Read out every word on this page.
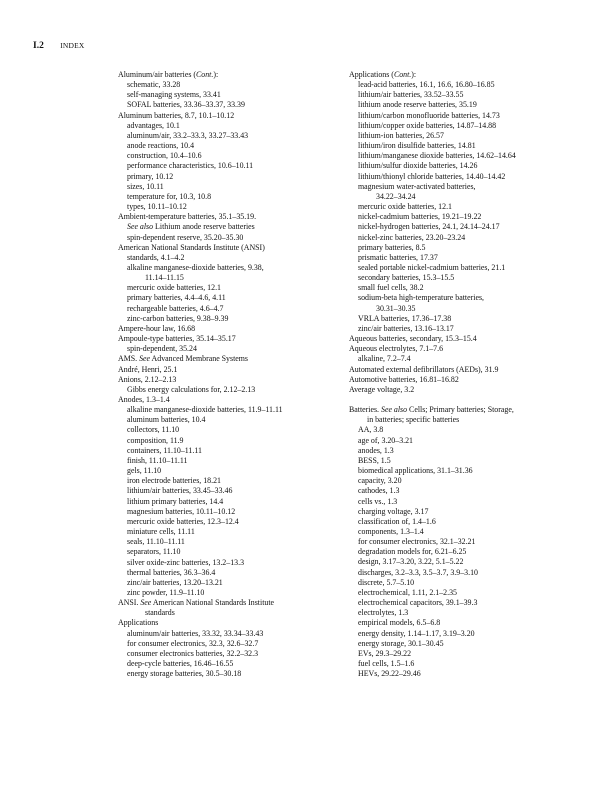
I.2 INDEX
Aluminum/air batteries (Cont.):
schematic, 33.28
self-managing systems, 33.41
SOFAL batteries, 33.36–33.37, 33.39
Aluminum batteries, 8.7, 10.1–10.12
advantages, 10.1
aluminum/air, 33.2–33.3, 33.27–33.43
anode reactions, 10.4
construction, 10.4–10.6
performance characteristics, 10.6–10.11
primary, 10.12
sizes, 10.11
temperature for, 10.3, 10.8
types, 10.11–10.12
Ambient-temperature batteries, 35.1–35.19.
See also Lithium anode reserve batteries
spin-dependent reserve, 35.20–35.30
American National Standards Institute (ANSI)
standards, 4.1–4.2
alkaline manganese-dioxide batteries, 9.38,
11.14–11.15
mercuric oxide batteries, 12.1
primary batteries, 4.4–4.6, 4.11
rechargeable batteries, 4.6–4.7
zinc-carbon batteries, 9.38–9.39
Ampere-hour law, 16.68
Ampoule-type batteries, 35.14–35.17
spin-dependent, 35.24
AMS. See Advanced Membrane Systems
André, Henri, 25.1
Anions, 2.12–2.13
Gibbs energy calculations for, 2.12–2.13
Anodes, 1.3–1.4
alkaline manganese-dioxide batteries, 11.9–11.11
aluminum batteries, 10.4
collectors, 11.10
composition, 11.9
containers, 11.10–11.11
finish, 11.10–11.11
gels, 11.10
iron electrode batteries, 18.21
lithium/air batteries, 33.45–33.46
lithium primary batteries, 14.4
magnesium batteries, 10.11–10.12
mercuric oxide batteries, 12.3–12.4
miniature cells, 11.11
seals, 11.10–11.11
separators, 11.10
silver oxide-zinc batteries, 13.2–13.3
thermal batteries, 36.3–36.4
zinc/air batteries, 13.20–13.21
zinc powder, 11.9–11.10
ANSI. See American National Standards Institute
standards
Applications
aluminum/air batteries, 33.32, 33.34–33.43
for consumer electronics, 32.3, 32.6–32.7
consumer electronics batteries, 32.2–32.3
deep-cycle batteries, 16.46–16.55
energy storage batteries, 30.5–30.18
Applications (Cont.):
lead-acid batteries, 16.1, 16.6, 16.80–16.85
lithium/air batteries, 33.52–33.55
lithium anode reserve batteries, 35.19
lithium/carbon monofluoride batteries, 14.73
lithium/copper oxide batteries, 14.87–14.88
lithium-ion batteries, 26.57
lithium/iron disulfide batteries, 14.81
lithium/manganese dioxide batteries, 14.62–14.64
lithium/sulfur dioxide batteries, 14.26
lithium/thionyl chloride batteries, 14.40–14.42
magnesium water-activated batteries,
34.22–34.24
mercuric oxide batteries, 12.1
nickel-cadmium batteries, 19.21–19.22
nickel-hydrogen batteries, 24.1, 24.14–24.17
nickel-zinc batteries, 23.20–23.24
primary batteries, 8.5
prismatic batteries, 17.37
sealed portable nickel-cadmium batteries, 21.1
secondary batteries, 15.3–15.5
small fuel cells, 38.2
sodium-beta high-temperature batteries,
30.31–30.35
VRLA batteries, 17.36–17.38
zinc/air batteries, 13.16–13.17
Aqueous batteries, secondary, 15.3–15.4
Aqueous electrolytes, 7.1–7.6
alkaline, 7.2–7.4
Automated external defibrillators (AEDs), 31.9
Automotive batteries, 16.81–16.82
Average voltage, 3.2
Batteries. See also Cells; Primary batteries; Storage,
in batteries; specific batteries
AA, 3.8
age of, 3.20–3.21
anodes, 1.3
BESS, 1.5
biomedical applications, 31.1–31.36
capacity, 3.20
cathodes, 1.3
cells vs., 1.3
charging voltage, 3.17
classification of, 1.4–1.6
components, 1.3–1.4
for consumer electronics, 32.1–32.21
degradation models for, 6.21–6.25
design, 3.17–3.20, 3.22, 5.1–5.22
discharges, 3.2–3.3, 3.5–3.7, 3.9–3.10
discrete, 5.7–5.10
electrochemical, 1.11, 2.1–2.35
electrochemical capacitors, 39.1–39.3
electrolytes, 1.3
empirical models, 6.5–6.8
energy density, 1.14–1.17, 3.19–3.20
energy storage, 30.1–30.45
EVs, 29.3–29.22
fuel cells, 1.5–1.6
HEVs, 29.22–29.46
